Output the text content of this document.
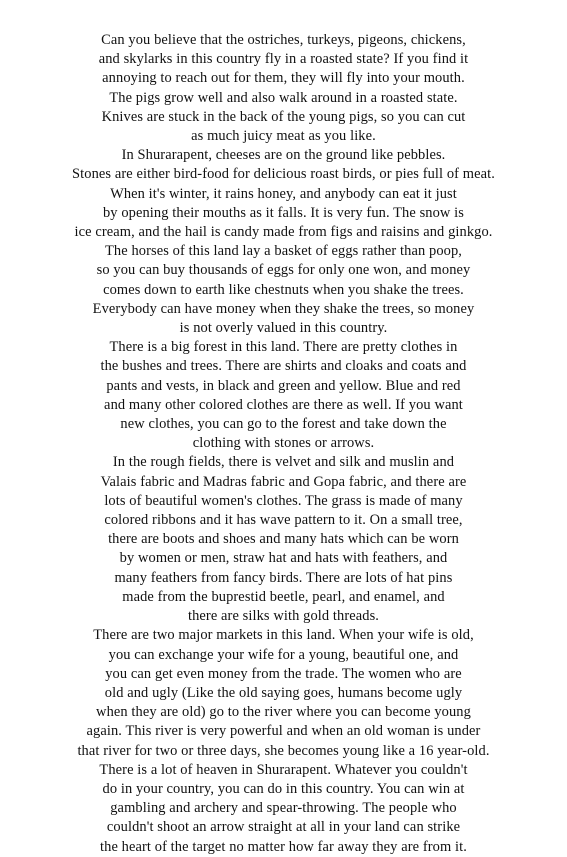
Can you believe that the ostriches, turkeys, pigeons, chickens,
and skylarks in this country fly in a roasted state? If you find it
annoying to reach out for them, they will fly into your mouth.
The pigs grow well and also walk around in a roasted state.
Knives are stuck in the back of the young pigs, so you can cut
as much juicy meat as you like.
In Shurarapent, cheeses are on the ground like pebbles.
Stones are either bird-food for delicious roast birds, or pies full of meat.
When it's winter, it rains honey, and anybody can eat it just
by opening their mouths as it falls. It is very fun. The snow is
ice cream, and the hail is candy made from figs and raisins and ginkgo.
The horses of this land lay a basket of eggs rather than poop,
so you can buy thousands of eggs for only one won, and money
comes down to earth like chestnuts when you shake the trees.
Everybody can have money when they shake the trees, so money
is not overly valued in this country.
There is a big forest in this land. There are pretty clothes in
the bushes and trees. There are shirts and cloaks and coats and
pants and vests, in black and green and yellow. Blue and red
and many other colored clothes are there as well. If you want
new clothes, you can go to the forest and take down the
clothing with stones or arrows.
In the rough fields, there is velvet and silk and muslin and
Valais fabric and Madras fabric and Gopa fabric, and there are
lots of beautiful women's clothes. The grass is made of many
colored ribbons and it has wave pattern to it. On a small tree,
there are boots and shoes and many hats which can be worn
by women or men, straw hat and hats with feathers, and
many feathers from fancy birds. There are lots of hat pins
made from the buprestid beetle, pearl, and enamel, and
there are silks with gold threads.
There are two major markets in this land. When your wife is old,
you can exchange your wife for a young, beautiful one, and
you can get even money from the trade. The women who are
old and ugly (Like the old saying goes, humans become ugly
when they are old) go to the river where you can become young
again. This river is very powerful and when an old woman is under
that river for two or three days, she becomes young like a 16 year-old.
There is a lot of heaven in Shurarapent. Whatever you couldn't
do in your country, you can do in this country. You can win at
gambling and archery and spear-throwing. The people who
couldn't shoot an arrow straight at all in your land can strike
the heart of the target no matter how far away they are from it.
